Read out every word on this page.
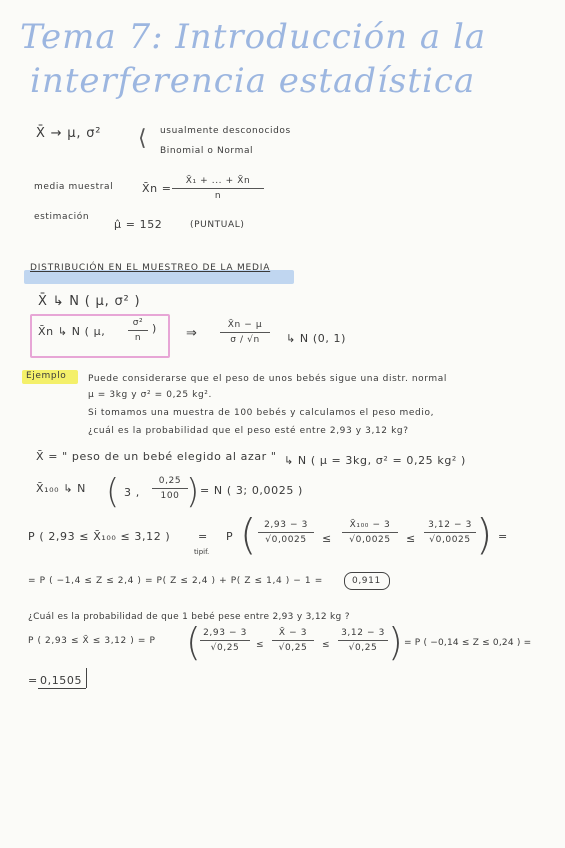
Tema 7: Introducción a la
interferencia estadística
X̄ → μ, σ² ⟨ usualmente desconocidos
Binomial o Normal
media muestral	X̄n =
X̄₁ + ... + X̄n
n
estimación
μ̂ = 152	(PUNTUAL)
DISTRIBUCIÓN EN EL MUESTREO DE LA MEDIA
X̄ ↳ N ( μ, σ² )
X̄n ↳ N ( μ,
σ²
n
) ⇒
X̄n − μ
σ / √n	↳ N (0, 1)
Ejemplo Puede considerarse que el peso de unos bebés sigue una distr. normal
μ = 3kg y σ² = 0,25 kg².
Si tomamos una muestra de 100 bebés y calculamos el peso medio,
¿cuál es la probabilidad que el peso esté entre 2,93 y 3,12 kg?
X̄ = " peso de un bebé elegido al azar " ↳ N ( μ = 3kg, σ² = 0,25 kg² )
X̄₁₀₀ ↳ N ( 3 ,
0,25
100 ) = N ( 3; 0,0025 )
P ( 2,93 ≤ X̄₁₀₀ ≤ 3,12 )	=
tipif.
P ( 2,93 − 3
√0,0025	≤
X̄₁₀₀ − 3
√0,0025	≤
3,12 − 3
√0,0025 ) =
= P ( −1,4 ≤ Z ≤ 2,4 ) = P( Z ≤ 2,4 ) + P( Z ≤ 1,4 ) − 1 =	0,911
¿Cuál es la probabilidad de que 1 bebé pese entre 2,93 y 3,12 kg ?
P ( 2,93 ≤ X̄ ≤ 3,12 ) = P ( 2,93 − 3
√0,25	≤
X̄ − 3
√0,25	≤
3,12 − 3
√0,25 ) = P ( −0,14 ≤ Z ≤ 0,24 ) =
= 0,1505
